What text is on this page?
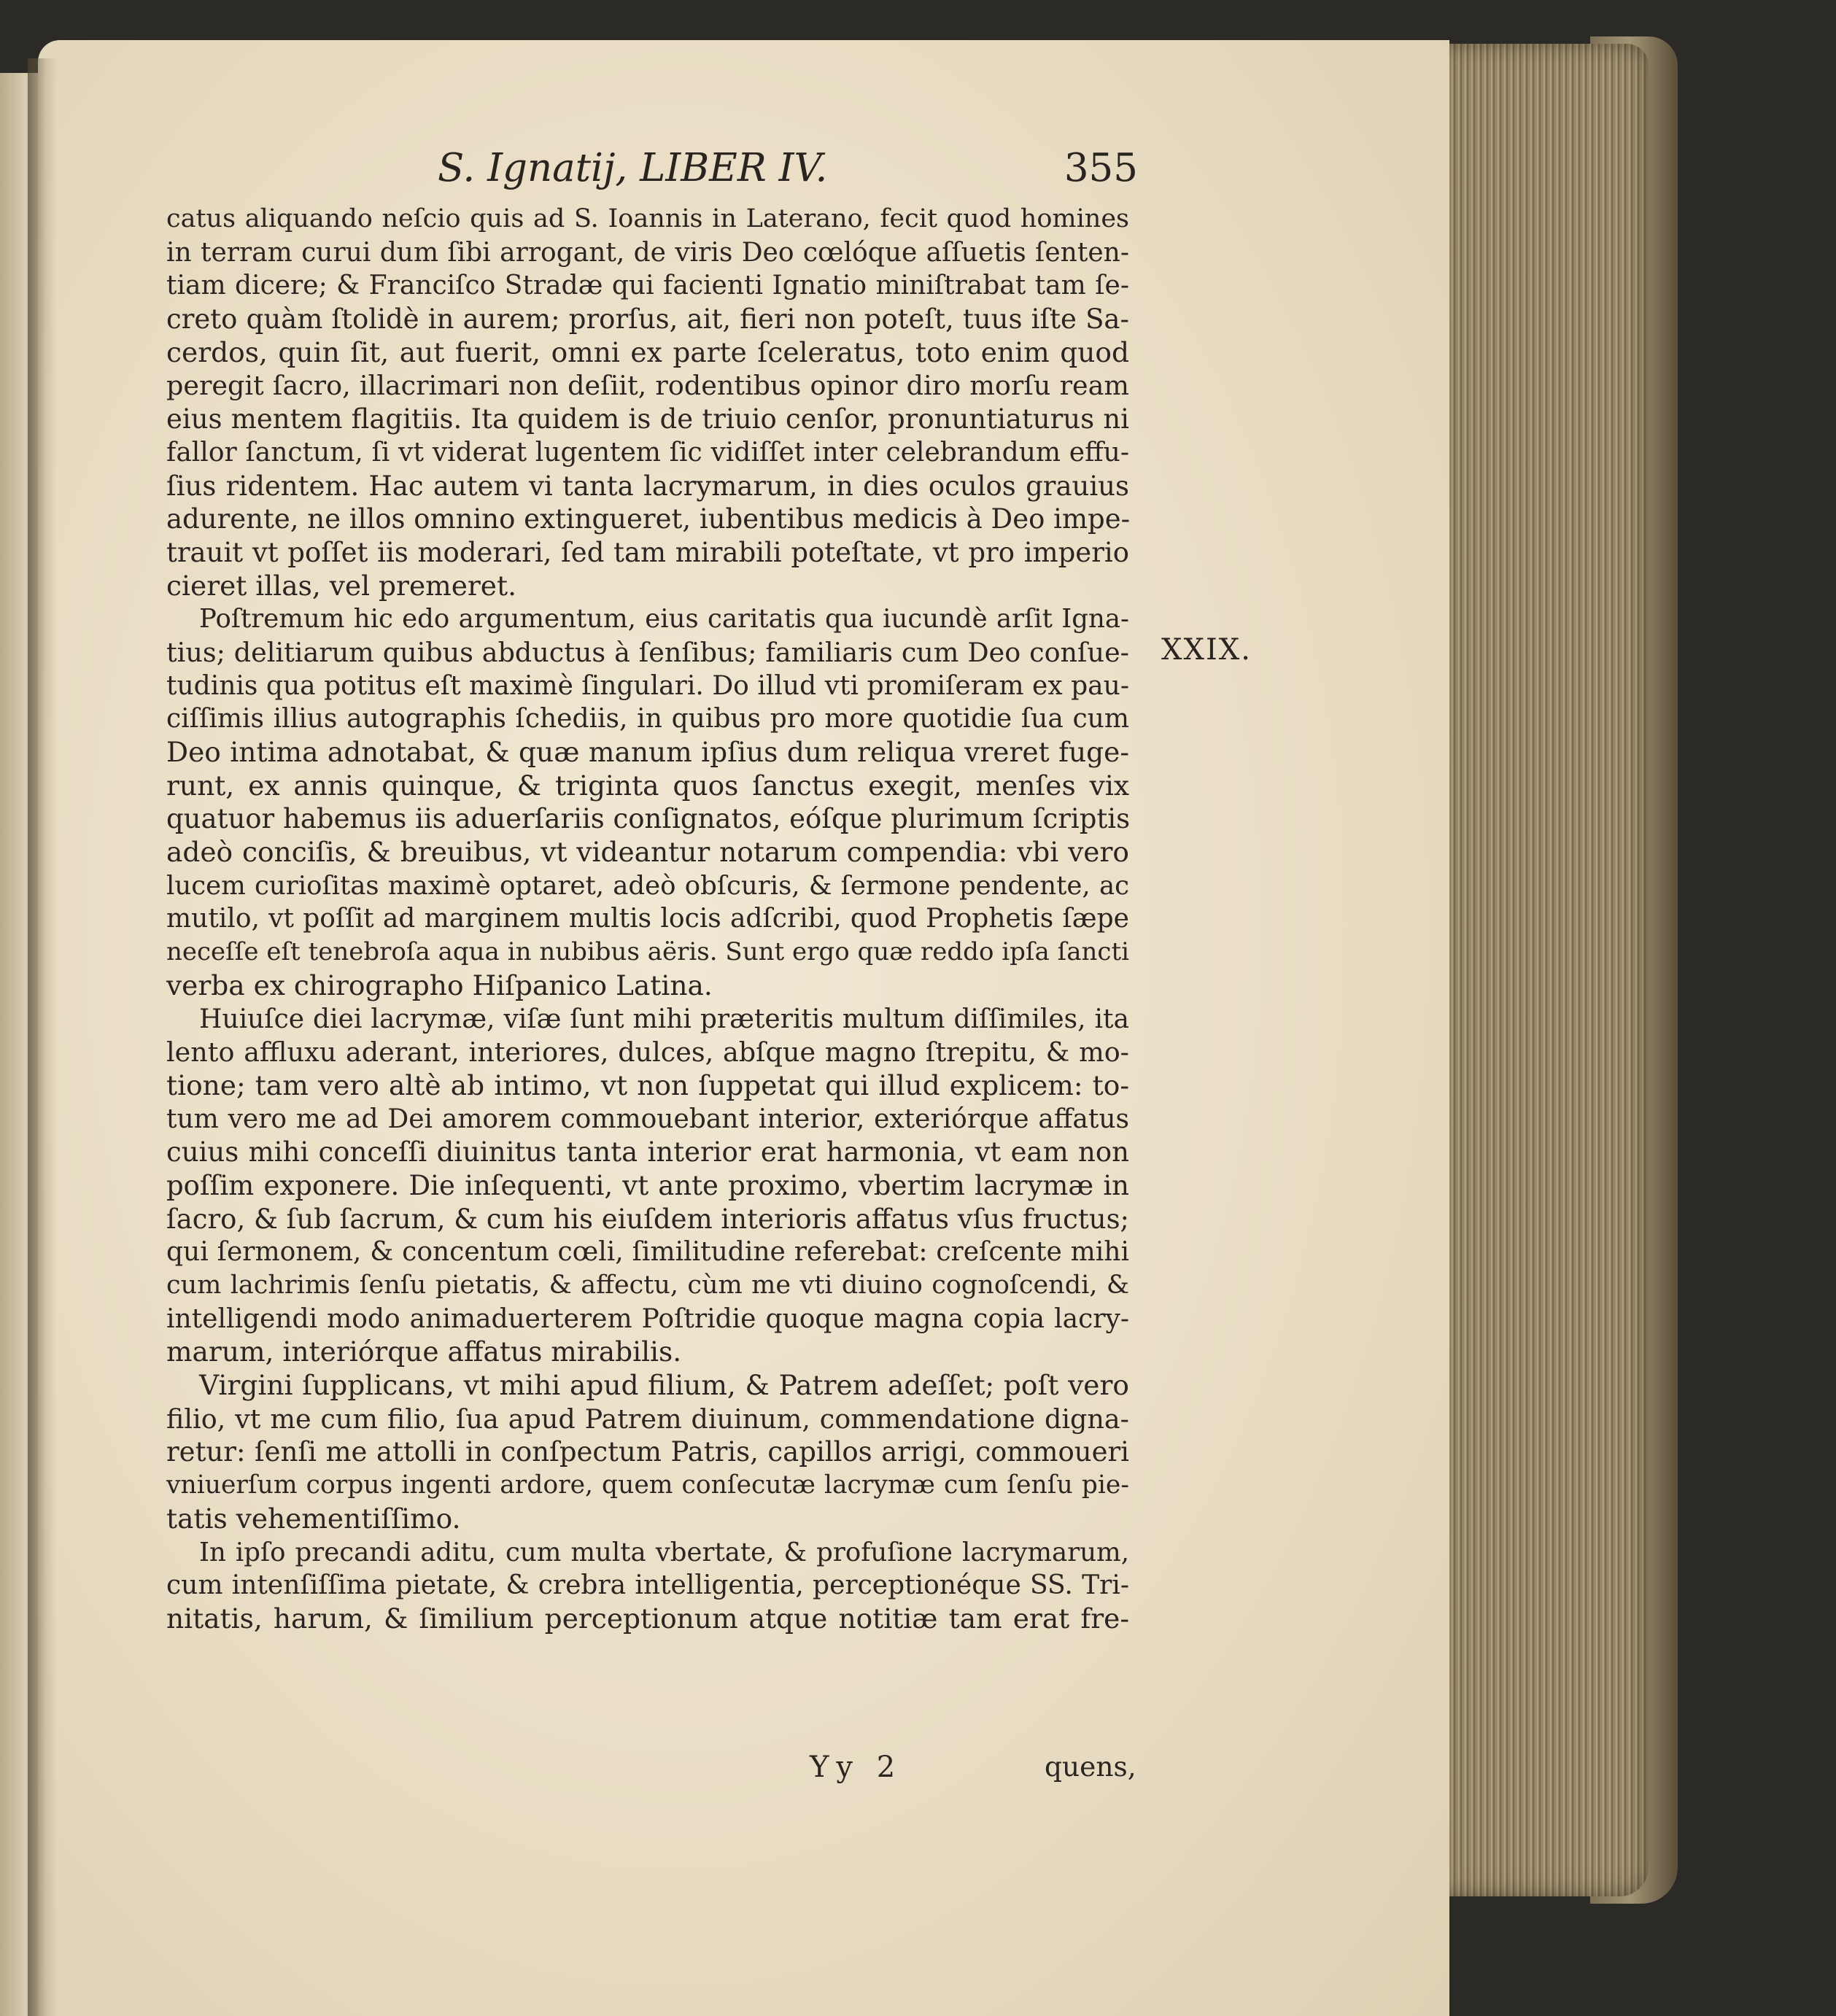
S. Ignatij, LIBER IV.	355
catus aliquando neſcio quis ad S. Ioannis in Laterano, fecit quod homines
in terram curui dum ſibi arrogant, de viris Deo cœlóque aſſuetis ſenten-
tiam dicere; & Franciſco Stradæ qui facienti Ignatio miniſtrabat tam ſe-
creto quàm ſtolidè in aurem; prorſus, ait, fieri non poteſt, tuus iſte Sa-
cerdos, quin ſit, aut fuerit, omni ex parte ſceleratus, toto enim quod
peregit ſacro, illacrimari non deſiit, rodentibus opinor diro morſu ream
eius mentem flagitiis. Ita quidem is de triuio cenſor, pronuntiaturus ni
fallor ſanctum, ſi vt viderat lugentem ſic vidiſſet inter celebrandum effu-
ſius ridentem. Hac autem vi tanta lacrymarum, in dies oculos grauius
adurente, ne illos omnino extingueret, iubentibus medicis à Deo impe-
trauit vt poſſet iis moderari, ſed tam mirabili poteſtate, vt pro imperio
cieret illas, vel premeret.
Poſtremum hic edo argumentum, eius caritatis qua iucundè arſit Igna-
tius; delitiarum quibus abductus à ſenſibus; familiaris cum Deo conſue-
tudinis qua potitus eſt maximè ſingulari. Do illud vti promiſeram ex pau-
ciſſimis illius autographis ſchediis, in quibus pro more quotidie ſua cum
Deo intima adnotabat, & quæ manum ipſius dum reliqua vreret fuge-
runt, ex annis quinque, & triginta quos ſanctus exegit, menſes vix
quatuor habemus iis aduerſariis conſignatos, eóſque plurimum ſcriptis
adeò conciſis, & breuibus, vt videantur notarum compendia: vbi vero
lucem curioſitas maximè optaret, adeò obſcuris, & ſermone pendente, ac
mutilo, vt poſſit ad marginem multis locis adſcribi, quod Prophetis ſæpe
neceſſe eſt tenebroſa aqua in nubibus aëris. Sunt ergo quæ reddo ipſa ſancti
verba ex chirographo Hiſpanico Latina.
Huiuſce diei lacrymæ, viſæ ſunt mihi præteritis multum diſſimiles, ita
lento affluxu aderant, interiores, dulces, abſque magno ſtrepitu, & mo-
tione; tam vero altè ab intimo, vt non ſuppetat qui illud explicem: to-
tum vero me ad Dei amorem commouebant interior, exteriórque affatus
cuius mihi conceſſi diuinitus tanta interior erat harmonia, vt eam non
poſſim exponere. Die inſequenti, vt ante proximo, vbertim lacrymæ in
ſacro, & ſub ſacrum, & cum his eiuſdem interioris affatus vſus fructus;
qui ſermonem, & concentum cœli, ſimilitudine referebat: creſcente mihi
cum lachrimis ſenſu pietatis, & affectu, cùm me vti diuino cognoſcendi, &
intelligendi modo animaduerterem Poſtridie quoque magna copia lacry-
marum, interiórque affatus mirabilis.
Virgini ſupplicans, vt mihi apud filium, & Patrem adeſſet; poſt vero
filio, vt me cum filio, ſua apud Patrem diuinum, commendatione digna-
retur: ſenſi me attolli in conſpectum Patris, capillos arrigi, commoueri
vniuerſum corpus ingenti ardore, quem conſecutæ lacrymæ cum ſenſu pie-
tatis vehementiſſimo.
In ipſo precandi aditu, cum multa vbertate, & profuſione lacrymarum,
cum intenſiſſima pietate, & crebra intelligentia, perceptionéque SS. Tri-
nitatis, harum, & ſimilium perceptionum atque notitiæ tam erat fre-
XXIX.
Yy 2	quens,
